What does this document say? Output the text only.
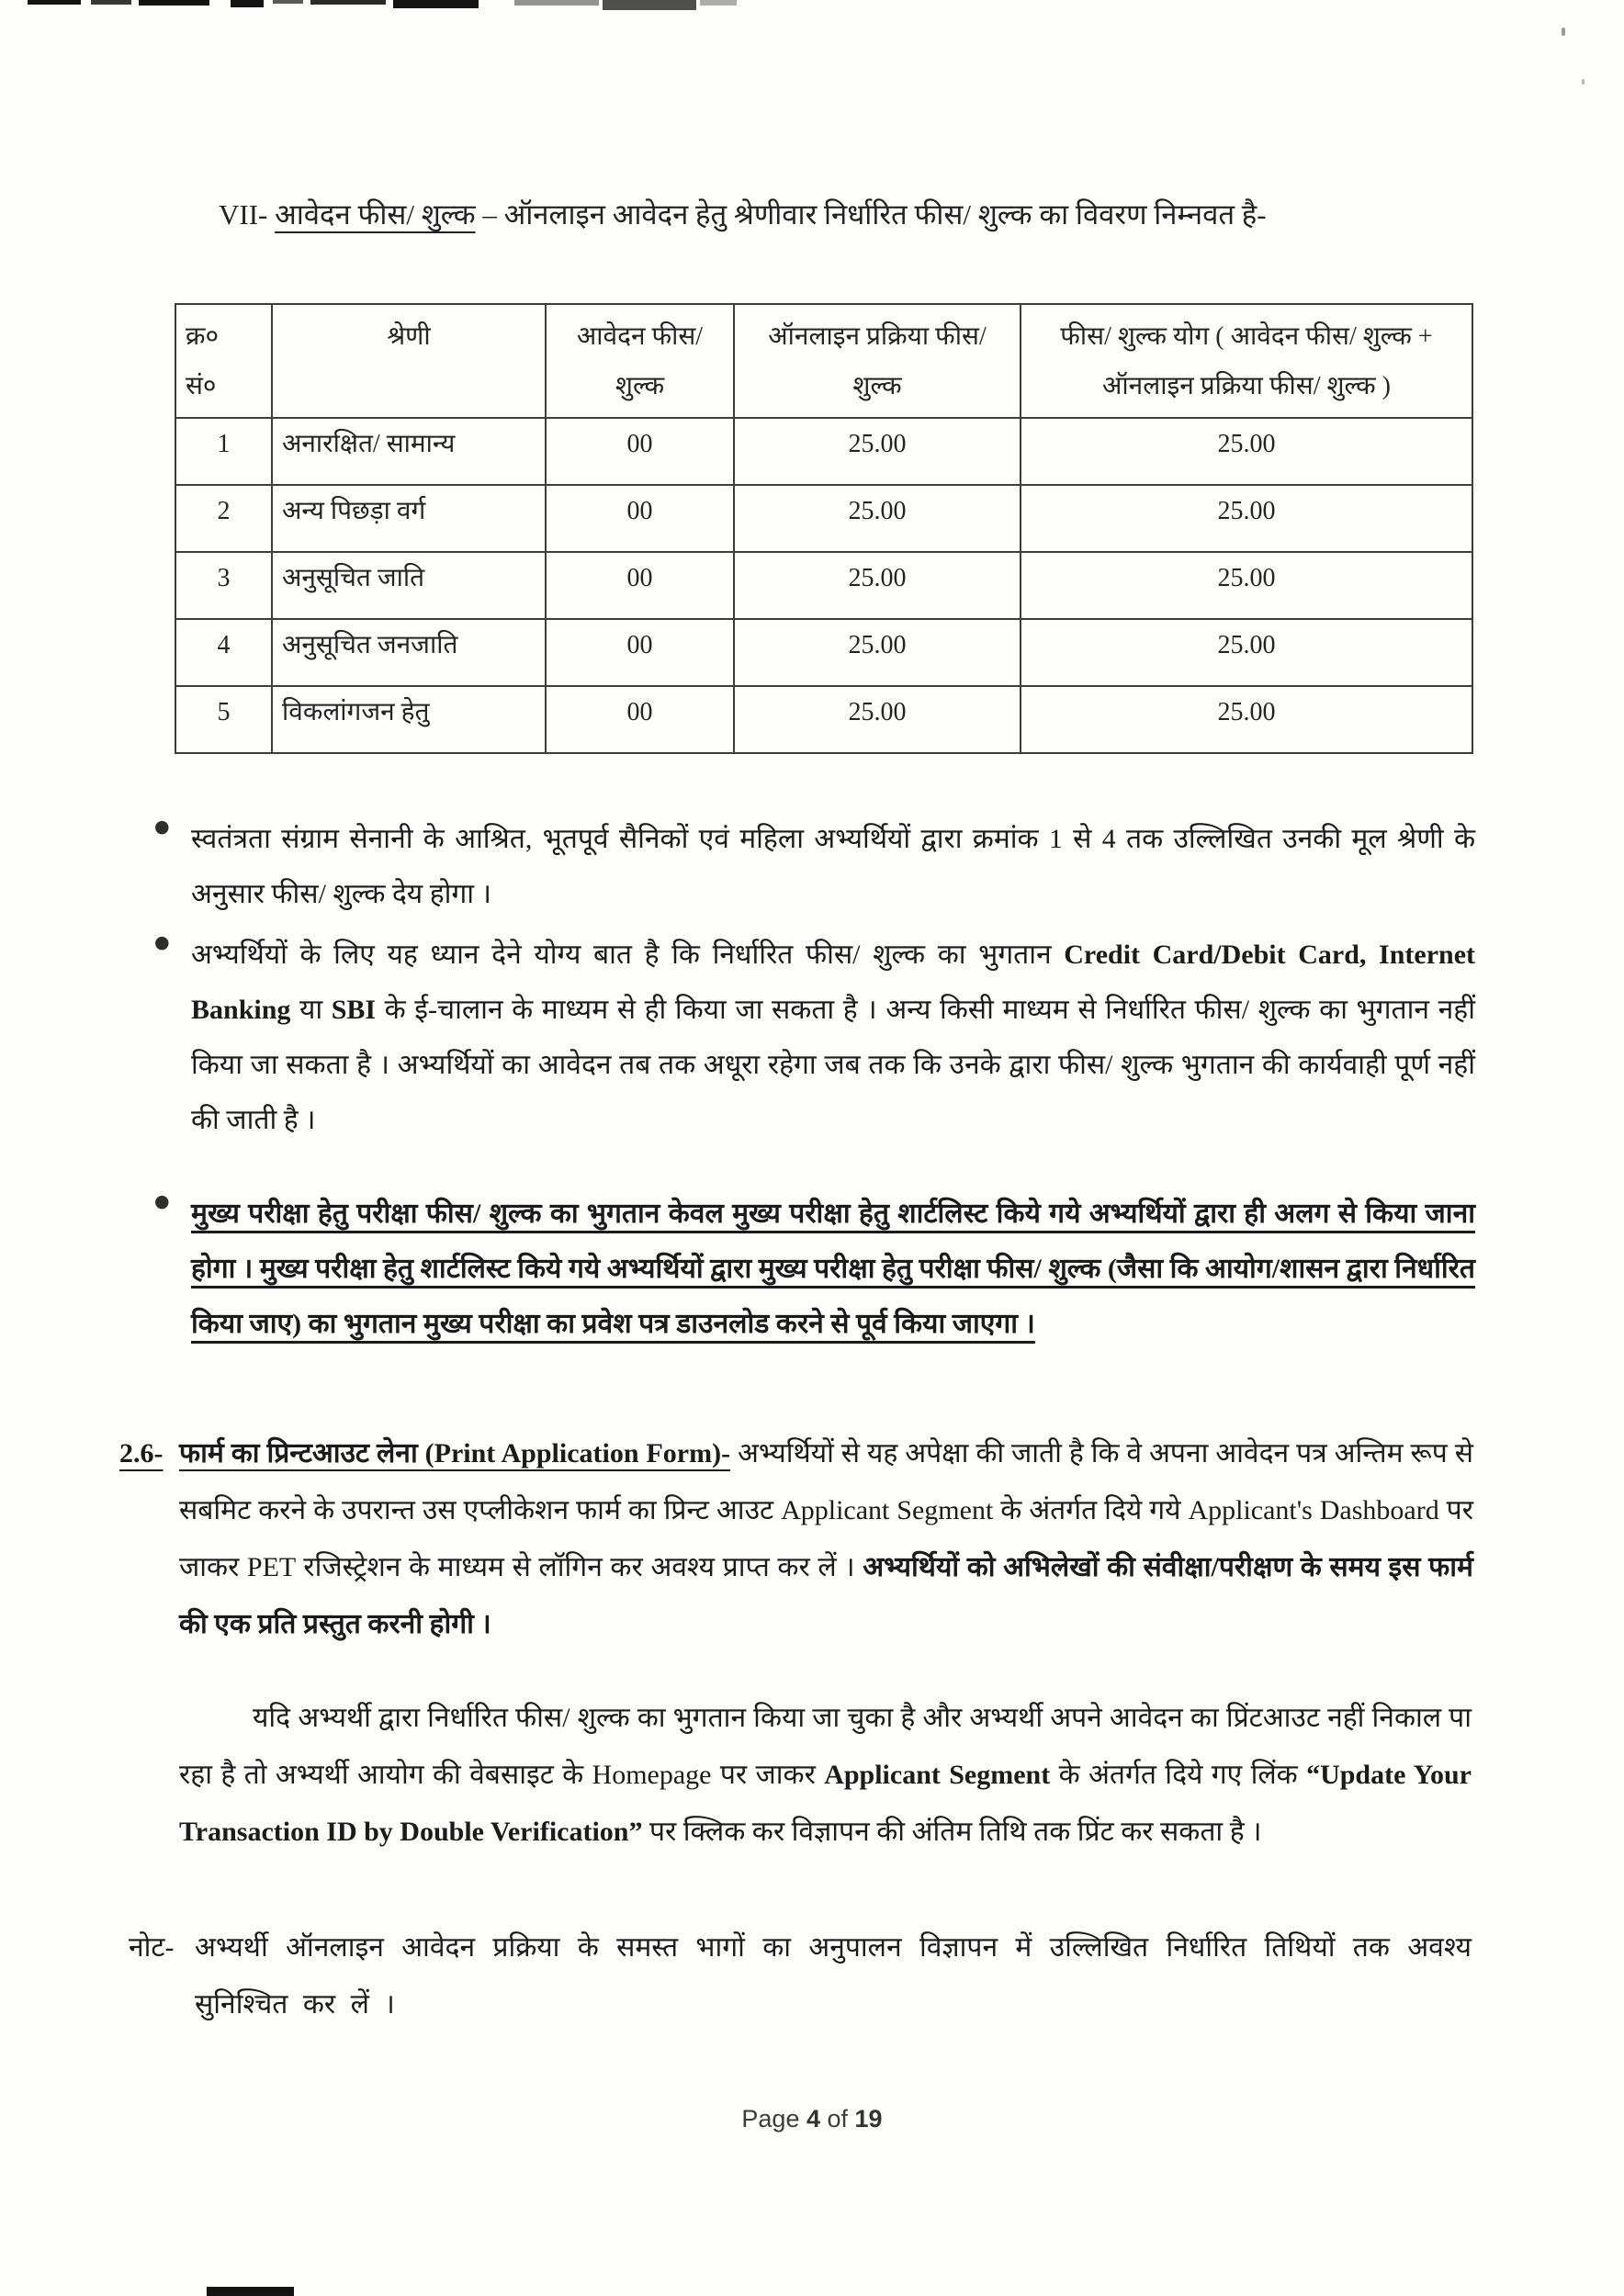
VII- आवेदन फीस/ शुल्क – ऑनलाइन आवेदन हेतु श्रेणीवार निर्धारित फीस/ शुल्क का विवरण निम्नवत है-
क्र०
सं०	श्रेणी	आवेदन फीस/ शुल्क	ऑनलाइन प्रक्रिया फीस/ शुल्क	फीस/ शुल्क योग ( आवेदन फीस/ शुल्क + ऑनलाइन प्रक्रिया फीस/ शुल्क )
1	अनारक्षित/ सामान्य	00	25.00	25.00
2	अन्य पिछड़ा वर्ग	00	25.00	25.00
3	अनुसूचित जाति	00	25.00	25.00
4	अनुसूचित जनजाति	00	25.00	25.00
5	विकलांगजन हेतु	00	25.00	25.00
● स्वतंत्रता संग्राम सेनानी के आश्रित, भूतपूर्व सैनिकों एवं महिला अभ्यर्थियों द्वारा क्रमांक 1 से 4 तक उल्लिखित उनकी मूल श्रेणी के अनुसार फीस/ शुल्क देय होगा ।
● अभ्यर्थियों के लिए यह ध्यान देने योग्य बात है कि निर्धारित फीस/ शुल्क का भुगतान Credit Card/Debit Card, Internet Banking या SBI के ई-चालान के माध्यम से ही किया जा सकता है । अन्य किसी माध्यम से निर्धारित फीस/ शुल्क का भुगतान नहीं किया जा सकता है । अभ्यर्थियों का आवेदन तब तक अधूरा रहेगा जब तक कि उनके द्वारा फीस/ शुल्क भुगतान की कार्यवाही पूर्ण नहीं की जाती है ।
● मुख्य परीक्षा हेतु परीक्षा फीस/ शुल्क का भुगतान केवल मुख्य परीक्षा हेतु शार्टलिस्ट किये गये अभ्यर्थियों द्वारा ही अलग से किया जाना होगा । मुख्य परीक्षा हेतु शार्टलिस्ट किये गये अभ्यर्थियों द्वारा मुख्य परीक्षा हेतु परीक्षा फीस/ शुल्क (जैसा कि आयोग/शासन द्वारा निर्धारित किया जाए) का भुगतान मुख्य परीक्षा का प्रवेश पत्र डाउनलोड करने से पूर्व किया जाएगा ।
2.6- फार्म का प्रिन्टआउट लेना (Print Application Form)- अभ्यर्थियों से यह अपेक्षा की जाती है कि वे अपना आवेदन पत्र अन्तिम रूप से सबमिट करने के उपरान्त उस एप्लीकेशन फार्म का प्रिन्ट आउट Applicant Segment के अंतर्गत दिये गये Applicant's Dashboard पर जाकर PET रजिस्ट्रेशन के माध्यम से लॉगिन कर अवश्य प्राप्त कर लें । अभ्यर्थियों को अभिलेखों की संवीक्षा/परीक्षण के समय इस फार्म की एक प्रति प्रस्तुत करनी होगी ।
यदि अभ्यर्थी द्वारा निर्धारित फीस/ शुल्क का भुगतान किया जा चुका है और अभ्यर्थी अपने आवेदन का प्रिंटआउट नहीं निकाल पा रहा है तो अभ्यर्थी आयोग की वेबसाइट के Homepage पर जाकर Applicant Segment के अंतर्गत दिये गए लिंक “Update Your Transaction ID by Double Verification” पर क्लिक कर विज्ञापन की अंतिम तिथि तक प्रिंट कर सकता है ।
नोट- अभ्यर्थी ऑनलाइन आवेदन प्रक्रिया के समस्त भागों का अनुपालन विज्ञापन में उल्लिखित निर्धारित तिथियों तक अवश्य सुनिश्चित कर लें ।
Page 4 of 19
